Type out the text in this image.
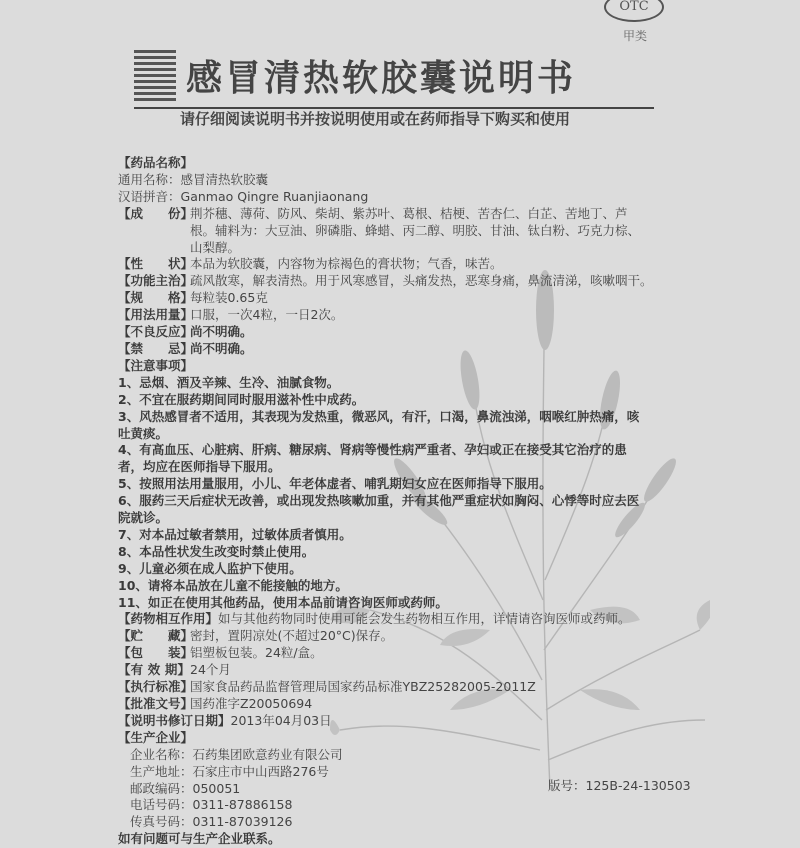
OTC
甲类
感冒清热软胶囊说明书
请仔细阅读说明书并按说明使用或在药师指导下购买和使用
【药品名称】
通用名称： 感冒清热软胶囊
汉语拼音： Ganmao Qingre Ruanjiaonang
【成　　份】
荆芥穗、薄荷、防风、柴胡、紫苏叶、葛根、桔梗、苦杏仁、白芷、苦地丁、芦
根。辅料为：大豆油、卵磷脂、蜂蜡、丙二醇、明胶、甘油、钛白粉、巧克力棕、
山梨醇。
【性　　状】
本品为软胶囊，内容物为棕褐色的膏状物；气香，味苦。
【功能主治】
疏风散寒，解表清热。用于风寒感冒，头痛发热，恶寒身痛，鼻流清涕，咳嗽咽干。
【规　　格】
每粒装0.65克
【用法用量】
口服，一次4粒，一日2次。
【不良反应】
尚不明确。
【禁　　忌】
尚不明确。
【注意事项】
1、忌烟、酒及辛辣、生冷、油腻食物。
2、不宜在服药期间同时服用滋补性中成药。
3、风热感冒者不适用，其表现为发热重，微恶风，有汗，口渴，鼻流浊涕，咽喉红肿热痛，咳
吐黄痰。
4、有高血压、心脏病、肝病、糖尿病、肾病等慢性病严重者、孕妇或正在接受其它治疗的患
者，均应在医师指导下服用。
5、按照用法用量服用，小儿、年老体虚者、哺乳期妇女应在医师指导下服用。
6、服药三天后症状无改善，或出现发热咳嗽加重，并有其他严重症状如胸闷、心悸等时应去医
院就诊。
7、对本品过敏者禁用，过敏体质者慎用。
8、本品性状发生改变时禁止使用。
9、儿童必须在成人监护下使用。
10、请将本品放在儿童不能接触的地方。
11、如正在使用其他药品，使用本品前请咨询医师或药师。
【药物相互作用】 如与其他药物同时使用可能会发生药物相互作用，详情请咨询医师或药师。
【贮　　藏】
密封，置阴凉处(不超过20°C)保存。
【包　　装】
铝塑板包装。24粒/盒。
【有 效 期】 24个月
【执行标准】
国家食品药品监督管理局国家药品标准YBZ25282005-2011Z
【批准文号】
国药准字Z20050694
【说明书修订日期】 2013年04月03日
【生产企业】
企业名称： 石药集团欧意药业有限公司
生产地址： 石家庄市中山西路276号
邮政编码： 050051
电话号码： 0311-87886158
传真号码： 0311-87039126
如有问题可与生产企业联系。
版号：125B-24-130503
